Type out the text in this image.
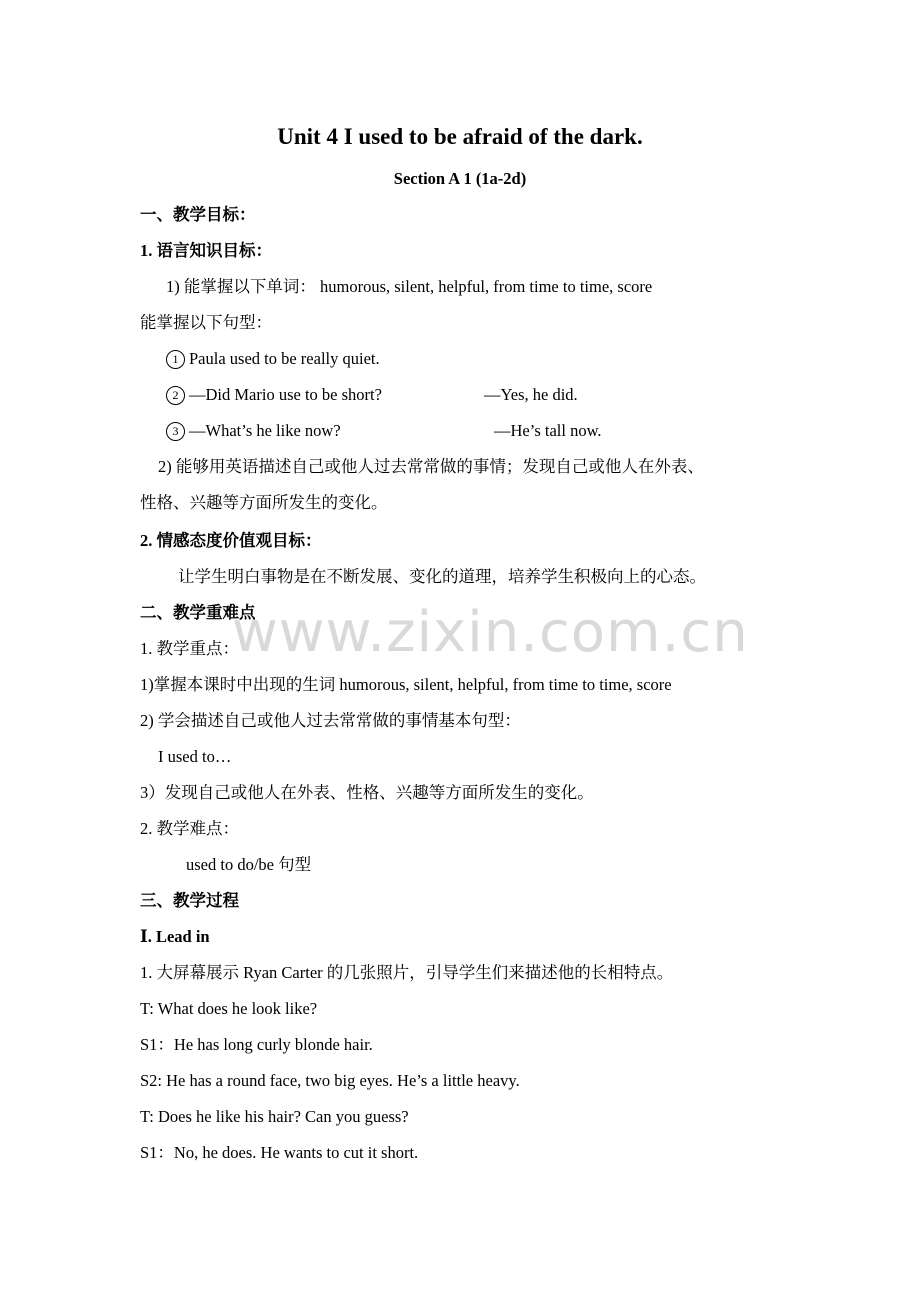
www.zixin.com.cn
Unit 4 I used to be afraid of the dark.
Section A 1 (1a-2d)
一、教学目标：
1. 语言知识目标：
1) 能掌握以下单词： humorous, silent, helpful, from time to time, score
能掌握以下句型：
1 Paula used to be really quiet.
2 —Did Mario use to be short?	—Yes, he did.
3 —What’s he like now?	—He’s tall now.
2) 能够用英语描述自己或他人过去常常做的事情；发现自己或他人在外表、
性格、兴趣等方面所发生的变化。
2. 情感态度价值观目标：
让学生明白事物是在不断发展、变化的道理，培养学生积极向上的心态。
二、教学重难点
1. 教学重点：
1)掌握本课时中出现的生词 humorous, silent, helpful, from time to time, score
2) 学会描述自己或他人过去常常做的事情基本句型：
I used to…
3）发现自己或他人在外表、性格、兴趣等方面所发生的变化。
2. 教学难点：
used to do/be 句型
三、教学过程
Ⅰ. Lead in
1. 大屏幕展示 Ryan Carter 的几张照片，引导学生们来描述他的长相特点。
T: What does he look like?
S1：He has long curly blonde hair.
S2: He has a round face, two big eyes. He’s a little heavy.
T: Does he like his hair? Can you guess?
S1：No, he does. He wants to cut it short.
